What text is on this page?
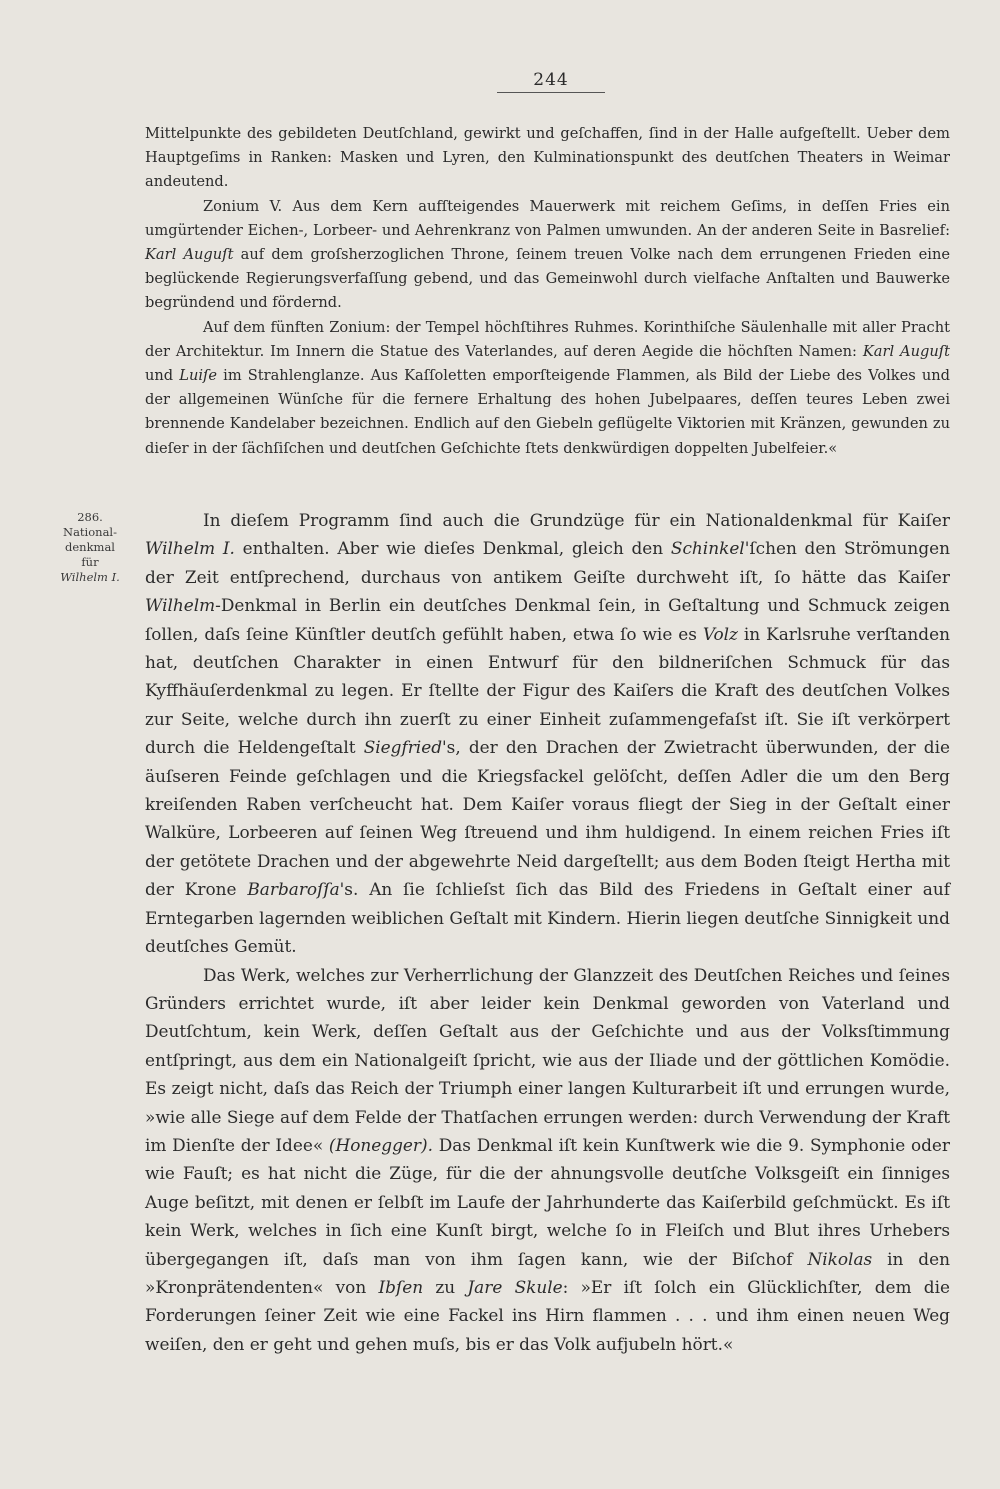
244

Mittelpunkte des gebildeten Deutſchland, gewirkt und geſchaffen, ſind in der Halle aufgeſtellt. Ueber dem Hauptgeſims in Ranken: Masken und Lyren, den Kulminationspunkt des deutſchen Theaters in Weimar andeutend.

Zonium V. Aus dem Kern aufſteigendes Mauerwerk mit reichem Geſims, in deſſen Fries ein umgürtender Eichen-, Lorbeer- und Aehrenkranz von Palmen umwunden. An der anderen Seite in Basrelief: Karl Auguſt auf dem groſsherzoglichen Throne, ſeinem treuen Volke nach dem errungenen Frieden eine beglückende Regierungsverfaſſung gebend, und das Gemeinwohl durch vielfache Anſtalten und Bauwerke begründend und fördernd.

Auf dem fünften Zonium: der Tempel höchſtihres Ruhmes. Korinthiſche Säulenhalle mit aller Pracht der Architektur. Im Innern die Statue des Vaterlandes, auf deren Aegide die höchſten Namen: Karl Auguſt und Luiſe im Strahlenglanze. Aus Kaſſoletten emporſteigende Flammen, als Bild der Liebe des Volkes und der allgemeinen Wünſche für die fernere Erhaltung des hohen Jubelpaares, deſſen teures Leben zwei brennende Kandelaber bezeichnen. Endlich auf den Giebeln geflügelte Viktorien mit Kränzen, gewunden zu dieſer in der ſächſiſchen und deutſchen Geſchichte ſtets denkwürdigen doppelten Jubelfeier.«

286.
National-
denkmal
für
Wilhelm I.

In dieſem Programm ſind auch die Grundzüge für ein Nationaldenkmal für Kaiſer Wilhelm I. enthalten. Aber wie dieſes Denkmal, gleich den Schinkel'ſchen den Strömungen der Zeit entſprechend, durchaus von antikem Geiſte durchweht iſt, ſo hätte das Kaiſer Wilhelm-Denkmal in Berlin ein deutſches Denkmal ſein, in Geſtaltung und Schmuck zeigen ſollen, daſs ſeine Künſtler deutſch gefühlt haben, etwa ſo wie es Volz in Karlsruhe verſtanden hat, deutſchen Charakter in einen Entwurf für den bildneriſchen Schmuck für das Kyffhäuſerdenkmal zu legen. Er ſtellte der Figur des Kaiſers die Kraft des deutſchen Volkes zur Seite, welche durch ihn zuerſt zu einer Einheit zuſammengefaſst iſt. Sie iſt verkörpert durch die Heldengeſtalt Siegfried's, der den Drachen der Zwietracht überwunden, der die äuſseren Feinde geſchlagen und die Kriegsfackel gelöſcht, deſſen Adler die um den Berg kreiſenden Raben verſcheucht hat. Dem Kaiſer voraus fliegt der Sieg in der Geſtalt einer Walküre, Lorbeeren auf ſeinen Weg ſtreuend und ihm huldigend. In einem reichen Fries iſt der getötete Drachen und der abgewehrte Neid dargeſtellt; aus dem Boden ſteigt Hertha mit der Krone Barbaroſſa's. An ſie ſchlieſst ſich das Bild des Friedens in Geſtalt einer auf Erntegarben lagernden weiblichen Geſtalt mit Kindern. Hierin liegen deutſche Sinnigkeit und deutſches Gemüt.

Das Werk, welches zur Verherrlichung der Glanzzeit des Deutſchen Reiches und ſeines Gründers errichtet wurde, iſt aber leider kein Denkmal geworden von Vaterland und Deutſchtum, kein Werk, deſſen Geſtalt aus der Geſchichte und aus der Volksſtimmung entſpringt, aus dem ein Nationalgeiſt ſpricht, wie aus der Iliade und der göttlichen Komödie. Es zeigt nicht, daſs das Reich der Triumph einer langen Kulturarbeit iſt und errungen wurde, »wie alle Siege auf dem Felde der Thatſachen errungen werden: durch Verwendung der Kraft im Dienſte der Idee« (Honegger). Das Denkmal iſt kein Kunſtwerk wie die 9. Symphonie oder wie Fauſt; es hat nicht die Züge, für die der ahnungsvolle deutſche Volksgeiſt ein ſinniges Auge beſitzt, mit denen er ſelbſt im Laufe der Jahrhunderte das Kaiſerbild geſchmückt. Es iſt kein Werk, welches in ſich eine Kunſt birgt, welche ſo in Fleiſch und Blut ihres Urhebers übergegangen iſt, daſs man von ihm ſagen kann, wie der Biſchof Nikolas in den »Kronprätendenten« von Ibſen zu Jare Skule: »Er iſt ſolch ein Glücklichſter, dem die Forderungen ſeiner Zeit wie eine Fackel ins Hirn flammen . . . und ihm einen neuen Weg weiſen, den er geht und gehen muſs, bis er das Volk aufjubeln hört.«
